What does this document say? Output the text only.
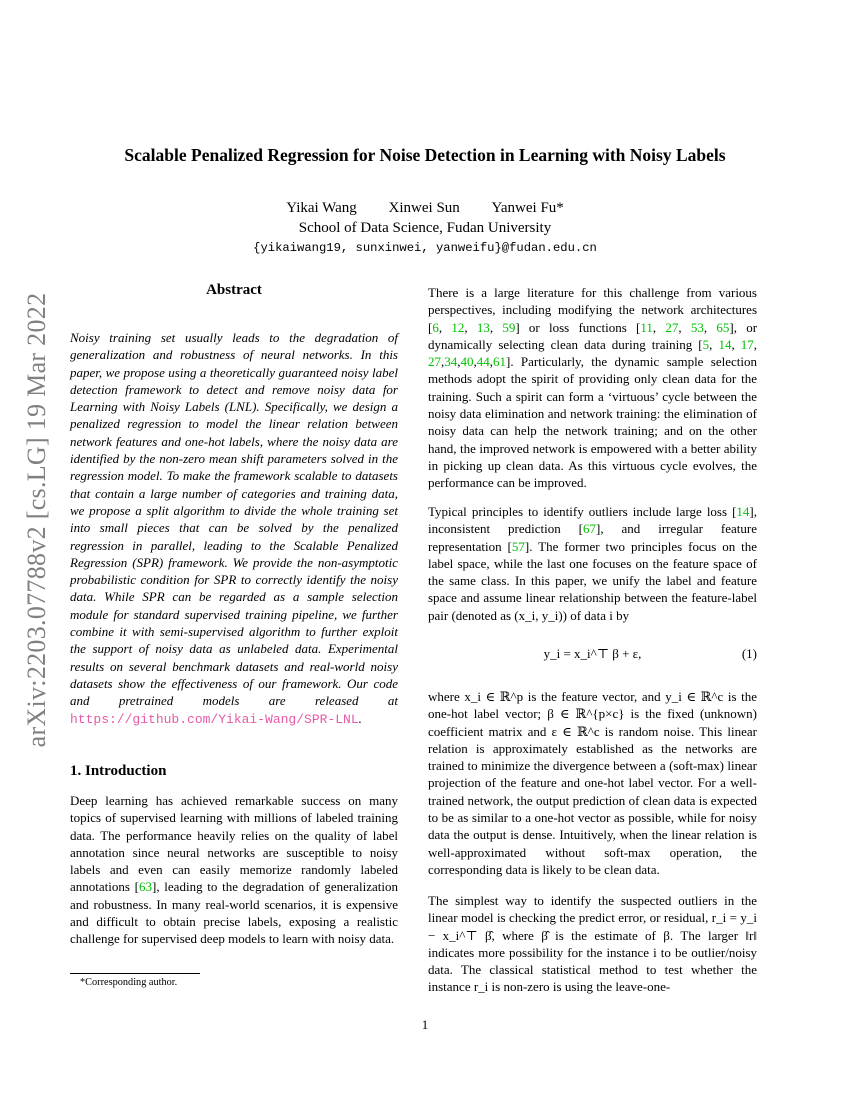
arXiv:2203.07788v2 [cs.LG] 19 Mar 2022
Scalable Penalized Regression for Noise Detection in Learning with Noisy Labels
Yikai Wang Xinwei Sun Yanwei Fu*
School of Data Science, Fudan University
{yikaiwang19, sunxinwei, yanweifu}@fudan.edu.cn
Abstract
Noisy training set usually leads to the degradation of generalization and robustness of neural networks. In this paper, we propose using a theoretically guaranteed noisy label detection framework to detect and remove noisy data for Learning with Noisy Labels (LNL). Specifically, we design a penalized regression to model the linear relation between network features and one-hot labels, where the noisy data are identified by the non-zero mean shift parameters solved in the regression model. To make the framework scalable to datasets that contain a large number of categories and training data, we propose a split algorithm to divide the whole training set into small pieces that can be solved by the penalized regression in parallel, leading to the Scalable Penalized Regression (SPR) framework. We provide the non-asymptotic probabilistic condition for SPR to correctly identify the noisy data. While SPR can be regarded as a sample selection module for standard supervised training pipeline, we further combine it with semi-supervised algorithm to further exploit the support of noisy data as unlabeled data. Experimental results on several benchmark datasets and real-world noisy datasets show the effectiveness of our framework. Our code and pretrained models are released at https://github.com/Yikai-Wang/SPR-LNL.
1. Introduction
Deep learning has achieved remarkable success on many topics of supervised learning with millions of labeled training data. The performance heavily relies on the quality of label annotation since neural networks are susceptible to noisy labels and even can easily memorize randomly labeled annotations [63], leading to the degradation of generalization and robustness. In many real-world scenarios, it is expensive and difficult to obtain precise labels, exposing a realistic challenge for supervised deep models to learn with noisy data.
*Corresponding author.
There is a large literature for this challenge from various perspectives, including modifying the network architectures [6, 12, 13, 59] or loss functions [11, 27, 53, 65], or dynamically selecting clean data during training [5, 14, 17, 27,34,40,44,61]. Particularly, the dynamic sample selection methods adopt the spirit of providing only clean data for the training. Such a spirit can form a ‘virtuous’ cycle between the noisy data elimination and network training: the elimination of noisy data can help the network training; and on the other hand, the improved network is empowered with a better ability in picking up clean data. As this virtuous cycle evolves, the performance can be improved.
Typical principles to identify outliers include large loss [14], inconsistent prediction [67], and irregular feature representation [57]. The former two principles focus on the label space, while the last one focuses on the feature space of the same class. In this paper, we unify the label and feature space and assume linear relationship between the feature-label pair (denoted as (x_i, y_i)) of data i by
y_i = x_i^⊤ β + ε,	(1)
where x_i ∈ ℝ^p is the feature vector, and y_i ∈ ℝ^c is the one-hot label vector; β ∈ ℝ^{p×c} is the fixed (unknown) coefficient matrix and ε ∈ ℝ^c is random noise. This linear relation is approximately established as the networks are trained to minimize the divergence between a (soft-max) linear projection of the feature and one-hot label vector. For a well-trained network, the output prediction of clean data is expected to be as similar to a one-hot vector as possible, while for noisy data the output is dense. Intuitively, when the linear relation is well-approximated without soft-max operation, the corresponding data is likely to be clean data.
The simplest way to identify the suspected outliers in the linear model is checking the predict error, or residual, r_i = y_i − x_i^⊤ β̂, where β̂ is the estimate of β. The larger ‖r‖ indicates more possibility for the instance i to be outlier/noisy data. The classical statistical method to test whether the instance r_i is non-zero is using the leave-one-
1
